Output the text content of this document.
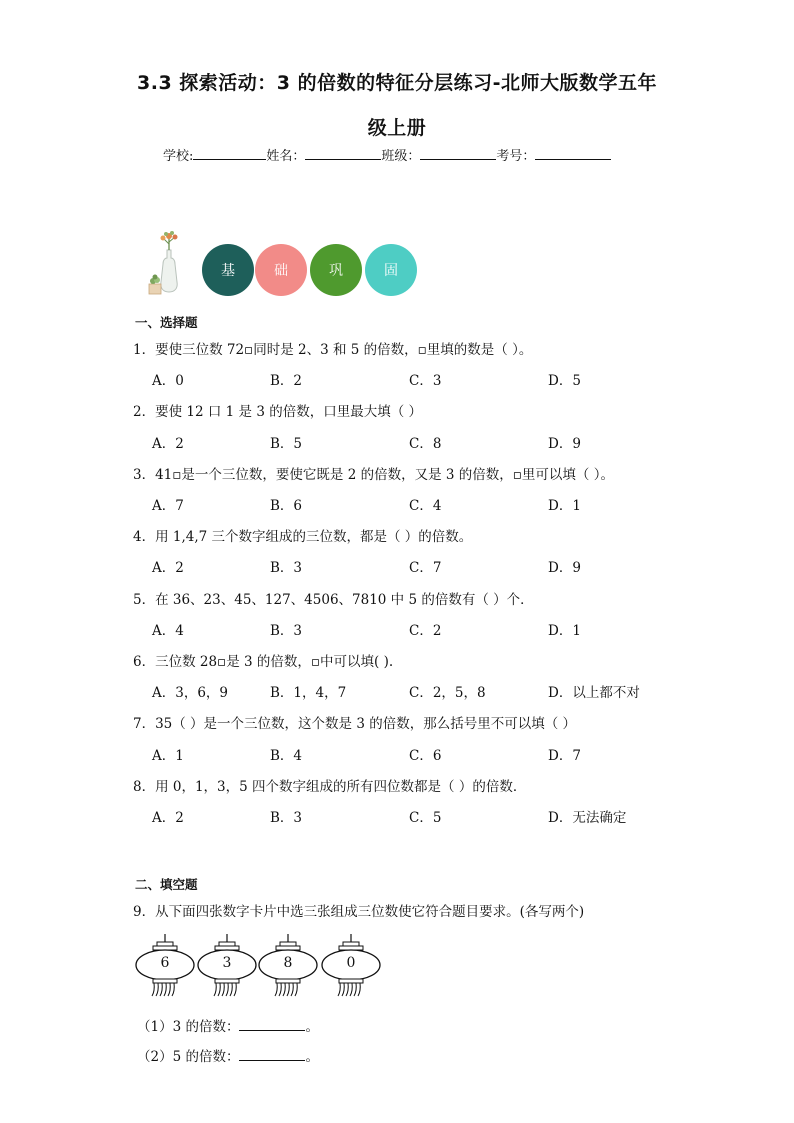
3.3 探索活动：3 的倍数的特征分层练习-北师大版数学五年
级上册
学校:	姓名：	班级：	考号：
基	础	巩	固
一、选择题
1．要使三位数 72▫同时是 2、3 和 5 的倍数，▫里填的数是（ ）。
A．0	B．2	C．3	D．5
2．要使 12 口 1 是 3 的倍数，口里最大填（ ）
A．2	B．5	C．8	D．9
3．41▫是一个三位数，要使它既是 2 的倍数，又是 3 的倍数，▫里可以填（ ）。
A．7	B．6	C．4	D．1
4．用 1,4,7 三个数字组成的三位数，都是（ ）的倍数。
A．2	B．3	C．7	D．9
5．在 36、23、45、127、4506、7810 中 5 的倍数有（ ）个．
A．4	B．3	C．2	D．1
6．三位数 28▫是 3 的倍数，▫中可以填( ).
A．3，6，9	B．1，4，7	C．2，5，8	D．以上都不对
7．35（ ）是一个三位数，这个数是 3 的倍数，那么括号里不可以填（ ）
A．1	B．4	C．6	D．7
8．用 0，1，3，5 四个数字组成的所有四位数都是（ ）的倍数．
A．2	B．3	C．5	D．无法确定
二、填空题
9．从下面四张数字卡片中选三张组成三位数使它符合题目要求。(各写两个)
6	3	8	0
（1）3 的倍数：	。
（2）5 的倍数：	。
